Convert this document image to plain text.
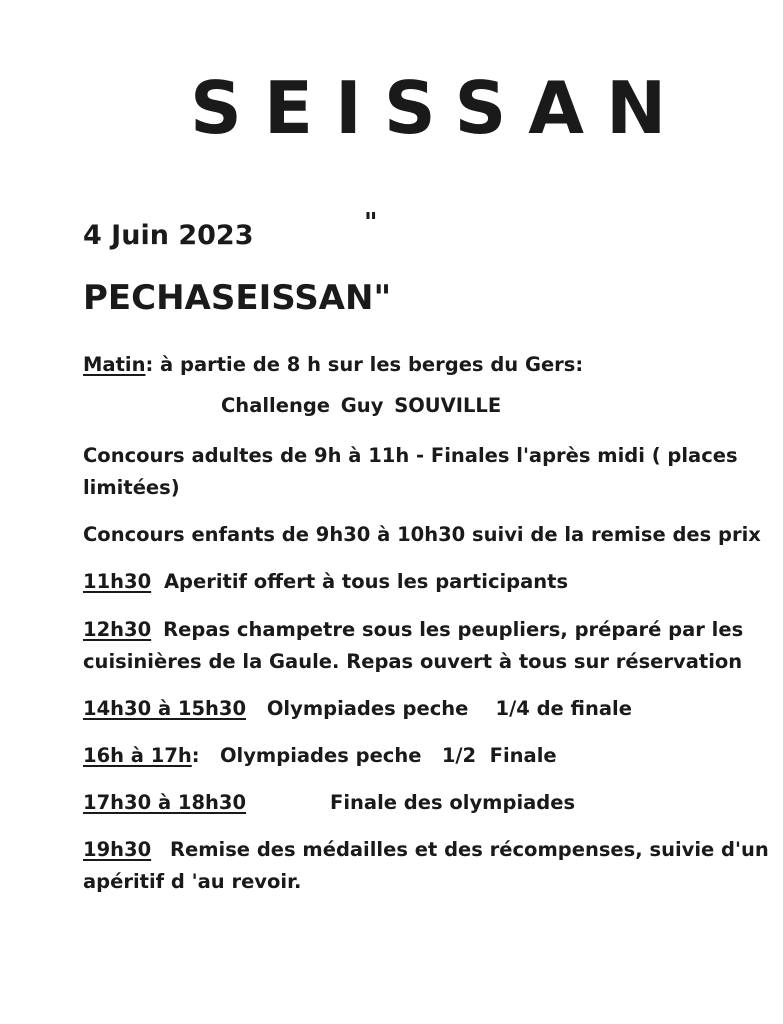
SEISSAN
4 Juin 2023	"
PECHASEISSAN"
Matin: à partie de 8 h sur les berges du Gers:
Challenge Guy SOUVILLE
Concours adultes de 9h à 11h - Finales l'après midi ( places
limitées)
Concours enfants de 9h30 à 10h30 suivi de la remise des prix
11h30 Aperitif offert à tous les participants
12h30 Repas champetre sous les peupliers, préparé par les
cuisinières de la Gaule. Repas ouvert à tous sur réservation
14h30 à 15h30 Olympiades peche    1/4 de finale
16h à 17h:   Olympiades peche   1/2  Finale
17h30 à 18h30	Finale des olympiades
19h30 Remise des médailles et des récompenses, suivie d'un
apéritif d 'au revoir.
